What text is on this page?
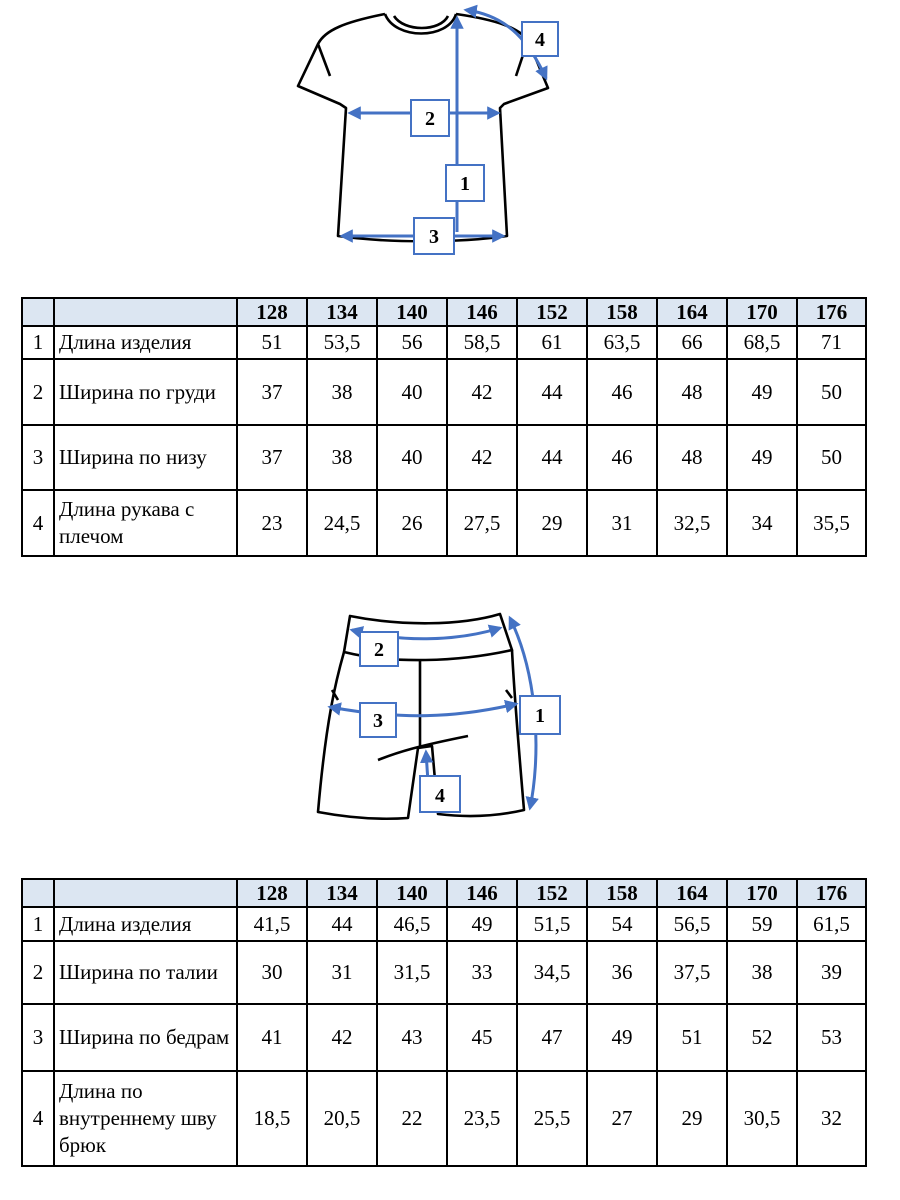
1
2
3
4
		128	134	140	146	152	158	164	170	176
1	Длина изделия	51	53,5	56	58,5	61	63,5	66	68,5	71
2	Ширина по груди	37	38	40	42	44	46	48	49	50
3	Ширина по низу	37	38	40	42	44	46	48	49	50
4	Длина рукава с плечом	23	24,5	26	27,5	29	31	32,5	34	35,5
1
2
3
4
		128	134	140	146	152	158	164	170	176
1	Длина изделия	41,5	44	46,5	49	51,5	54	56,5	59	61,5
2	Ширина по талии	30	31	31,5	33	34,5	36	37,5	38	39
3	Ширина по бедрам	41	42	43	45	47	49	51	52	53
4	Длина по внутреннему шву брюк	18,5	20,5	22	23,5	25,5	27	29	30,5	32
